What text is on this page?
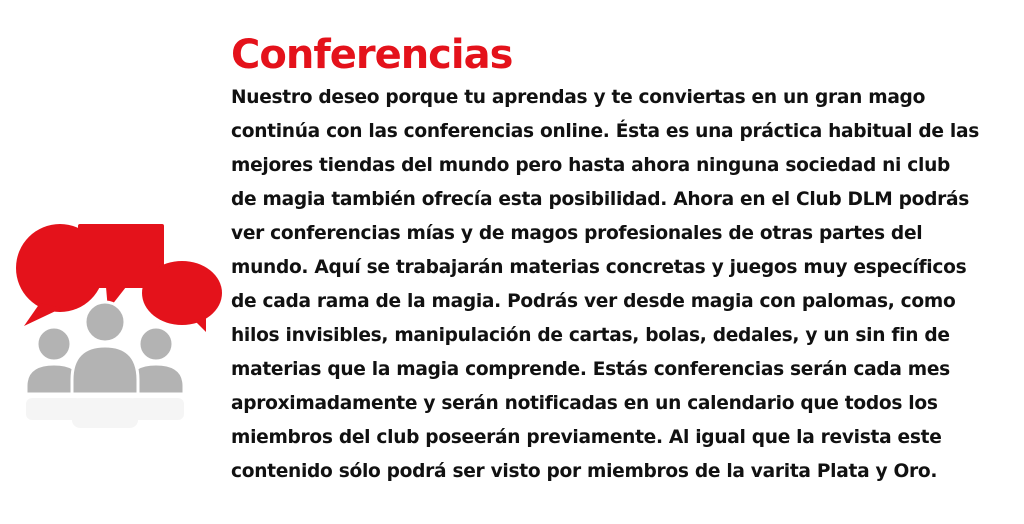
Conferencias

Nuestro deseo porque tu aprendas y te conviertas en un gran mago
continúa con las conferencias online. Ésta es una práctica habitual de las
mejores tiendas del mundo pero hasta ahora ninguna sociedad ni club
de magia también ofrecía esta posibilidad. Ahora en el Club DLM podrás
ver conferencias mías y de magos profesionales de otras partes del
mundo. Aquí se trabajarán materias concretas y juegos muy específicos
de cada rama de la magia. Podrás ver desde magia con palomas, como
hilos invisibles, manipulación de cartas, bolas, dedales, y un sin fin de
materias que la magia comprende. Estás conferencias serán cada mes
aproximadamente y serán notificadas en un calendario que todos los
miembros del club poseerán previamente. Al igual que la revista este
contenido sólo podrá ser visto por miembros de la varita Plata y Oro.
